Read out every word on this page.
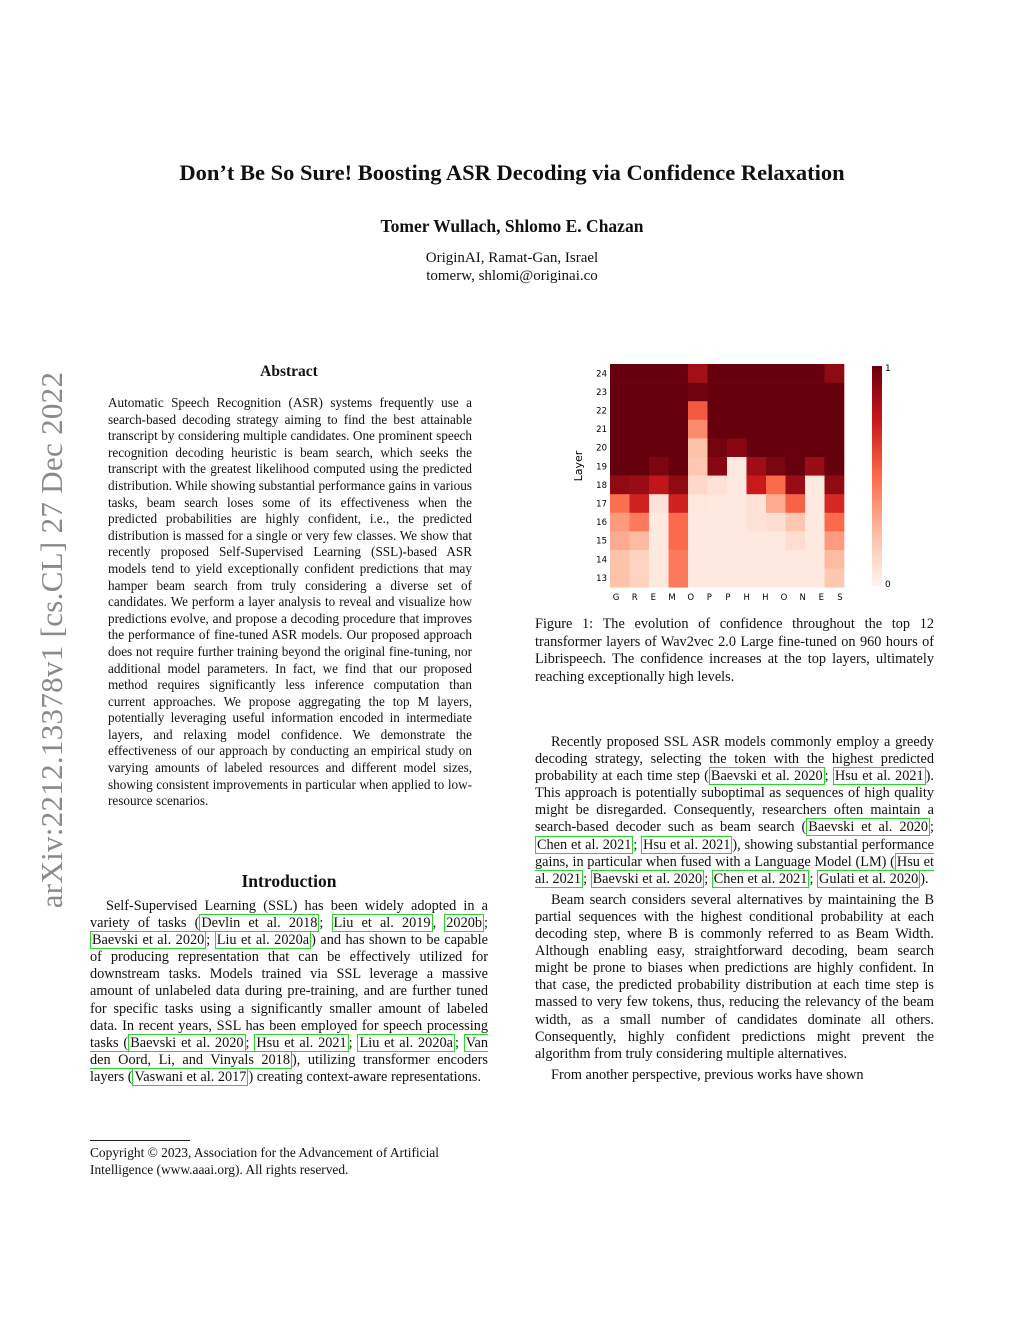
Don’t Be So Sure! Boosting ASR Decoding via Confidence Relaxation
Tomer Wullach, Shlomo E. Chazan
OriginAI, Ramat-Gan, Israel
tomerw, shlomi@originai.co
arXiv:2212.13378v1 [cs.CL] 27 Dec 2022
Abstract
Automatic Speech Recognition (ASR) systems frequently use a search-based decoding strategy aiming to find the best attainable transcript by considering multiple candidates. One prominent speech recognition decoding heuristic is beam search, which seeks the transcript with the greatest likelihood computed using the predicted distribution. While showing substantial performance gains in various tasks, beam search loses some of its effectiveness when the predicted probabilities are highly confident, i.e., the predicted distribution is massed for a single or very few classes. We show that recently proposed Self-Supervised Learning (SSL)-based ASR models tend to yield exceptionally confident predictions that may hamper beam search from truly considering a diverse set of candidates. We perform a layer analysis to reveal and visualize how predictions evolve, and propose a decoding procedure that improves the performance of fine-tuned ASR models. Our proposed approach does not require further training beyond the original fine-tuning, nor additional model parameters. In fact, we find that our proposed method requires significantly less inference computation than current approaches. We propose aggregating the top M layers, potentially leveraging useful information encoded in intermediate layers, and relaxing model confidence. We demonstrate the effectiveness of our approach by conducting an empirical study on varying amounts of labeled resources and different model sizes, showing consistent improvements in particular when applied to low-resource scenarios.
Introduction

Self-Supervised Learning (SSL) has been widely adopted in a variety of tasks ( Devlin et al. 2018 ; Liu et al. 2019 , 2020b ; Baevski et al. 2020 ; Liu et al. 2020a ) and has shown to be capable of producing representation that can be effectively utilized for downstream tasks. Models trained via SSL leverage a massive amount of unlabeled data during pre-training, and are further tuned for specific tasks using a significantly smaller amount of labeled data. In recent years, SSL has been employed for speech processing tasks ( Baevski et al. 2020 ; Hsu et al. 2021 ; Liu et al. 2020a ; Van den Oord, Li, and Vinyals 2018 ), utilizing transformer encoders layers ( Vaswani et al. 2017 ) creating context-aware representations.

Copyright © 2023, Association for the Advancement of Artificial Intelligence (www.aaai.org). All rights reserved.
24
23
22
21
20
19
18
17
16
15
14
13
G R E M O P P H H O N E S
Layer
1
0
Figure 1: The evolution of confidence throughout the top 12 transformer layers of Wav2vec 2.0 Large fine-tuned on 960 hours of Librispeech. The confidence increases at the top layers, ultimately reaching exceptionally high levels.

Recently proposed SSL ASR models commonly employ a greedy decoding strategy, selecting the token with the highest predicted probability at each time step ( Baevski et al. 2020 ; Hsu et al. 2021 ). This approach is potentially suboptimal as sequences of high quality might be disregarded. Consequently, researchers often maintain a search-based decoder such as beam search ( Baevski et al. 2020 ; Chen et al. 2021 ; Hsu et al. 2021 ), showing substantial performance gains, in particular when fused with a Language Model (LM) ( Hsu et al. 2021 ; Baevski et al. 2020 ; Chen et al. 2021 ; Gulati et al. 2020 ).

Beam search considers several alternatives by maintaining the B partial sequences with the highest conditional probability at each decoding step, where B is commonly referred to as Beam Width. Although enabling easy, straightforward decoding, beam search might be prone to biases when predictions are highly confident. In that case, the predicted probability distribution at each time step is massed to very few tokens, thus, reducing the relevancy of the beam width, as a small number of candidates dominate all others. Consequently, highly confident predictions might prevent the algorithm from truly considering multiple alternatives.

From another perspective, previous works have shown
